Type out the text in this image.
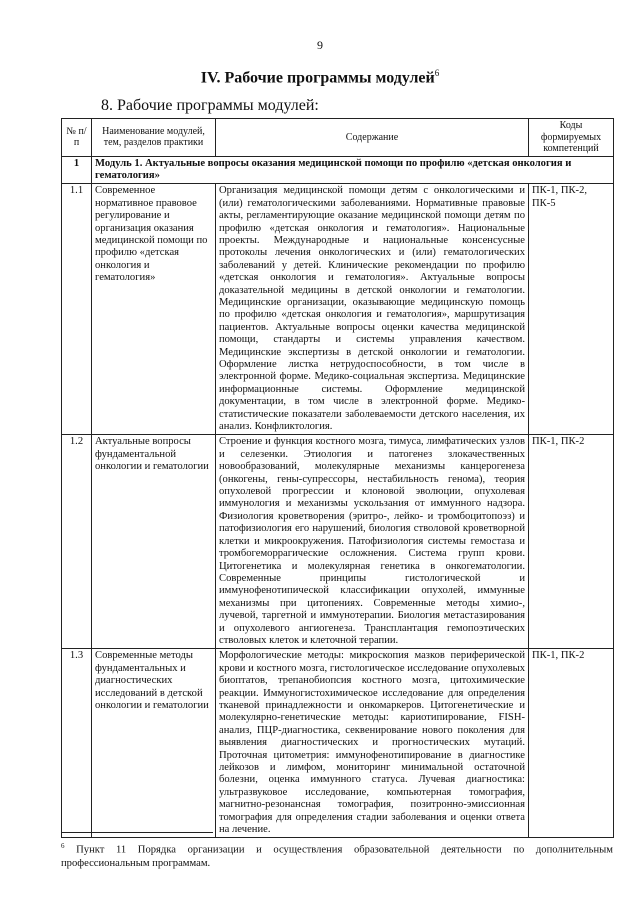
9
IV. Рабочие программы модулей$^6$
8. Рабочие программы модулей:
№ п/п	Наименование модулей, тем, разделов практики	Содержание	Коды формируемых компетенций
1	Модуль 1. Актуальные вопросы оказания медицинской помощи по профилю «детская онкология и гематология»		
1.1	Современное нормативное правовое регулирование и организация оказания медицинской помощи по профилю «детская онкология и гематология»	Организация медицинской помощи детям с онкологическими и (или) гематологическими заболеваниями. Нормативные правовые акты, регламентирующие оказание медицинской помощи детям по профилю «детская онкология и гематология». Национальные проекты. Международные и национальные консенсусные протоколы лечения онкологических и (или) гематологических заболеваний у детей. Клинические рекомендации по профилю «детская онкология и гематология». Актуальные вопросы доказательной медицины в детской онкологии и гематологии. Медицинские организации, оказывающие медицинскую помощь по профилю «детская онкология и гематология», маршрутизация пациентов. Актуальные вопросы оценки качества медицинской помощи, стандарты и системы управления качеством. Медицинские экспертизы в детской онкологии и гематологии. Оформление листка нетрудоспособности, в том числе в электронной форме. Медико-социальная экспертиза. Медицинские информационные системы. Оформление медицинской документации, в том числе в электронной форме. Медико-статистические показатели заболеваемости детского населения, их анализ. Конфликтология.	ПК-1, ПК-2, ПК-5
1.2	Актуальные вопросы фундаментальной онкологии и гематологии	Строение и функция костного мозга, тимуса, лимфатических узлов и селезенки. Этиология и патогенез злокачественных новообразований, молекулярные механизмы канцерогенеза (онкогены, гены-супрессоры, нестабильность генома), теория опухолевой прогрессии и клоновой эволюции, опухолевая иммунология и механизмы ускользания от иммунного надзора. Физиология кроветворения (эритро-, лейко- и тромбоцитопоэз) и патофизиология его нарушений, биология стволовой кроветворной клетки и микроокружения. Патофизиология системы гемостаза и тромбогеморрагические осложнения. Система групп крови. Цитогенетика и молекулярная генетика в онкогематологии. Современные принципы гистологической и иммунофенотипической классификации опухолей, иммунные механизмы при цитопениях. Современные методы химио-, лучевой, таргетной и иммунотерапии. Биология метастазирования и опухолевого ангиогенеза. Трансплантация гемопоэтических стволовых клеток и клеточной терапии.	ПК-1, ПК-2
1.3	Современные методы фундаментальных и диагностических исследований в детской онкологии и гематологии	Морфологические методы: микроскопия мазков периферической крови и костного мозга, гистологическое исследование опухолевых биоптатов, трепанобиопсия костного мозга, цитохимические реакции. Иммуногистохимическое исследование для определения тканевой принадлежности и онкомаркеров. Цитогенетические и молекулярно-генетические методы: кариотипирование, FISH-анализ, ПЦР-диагностика, секвенирование нового поколения для выявления диагностических и прогностических мутаций. Проточная цитометрия: иммунофенотипирование в диагностике лейкозов и лимфом, мониторинг минимальной остаточной болезни, оценка иммунного статуса. Лучевая диагностика: ультразвуковое исследование, компьютерная томография, магнитно-резонансная томография, позитронно-эмиссионная томография для определения стадии заболевания и оценки ответа на лечение.	ПК-1, ПК-2
$^6$ Пункт 11 Порядка организации и осуществления образовательной деятельности по дополнительным профессиональным программам.
